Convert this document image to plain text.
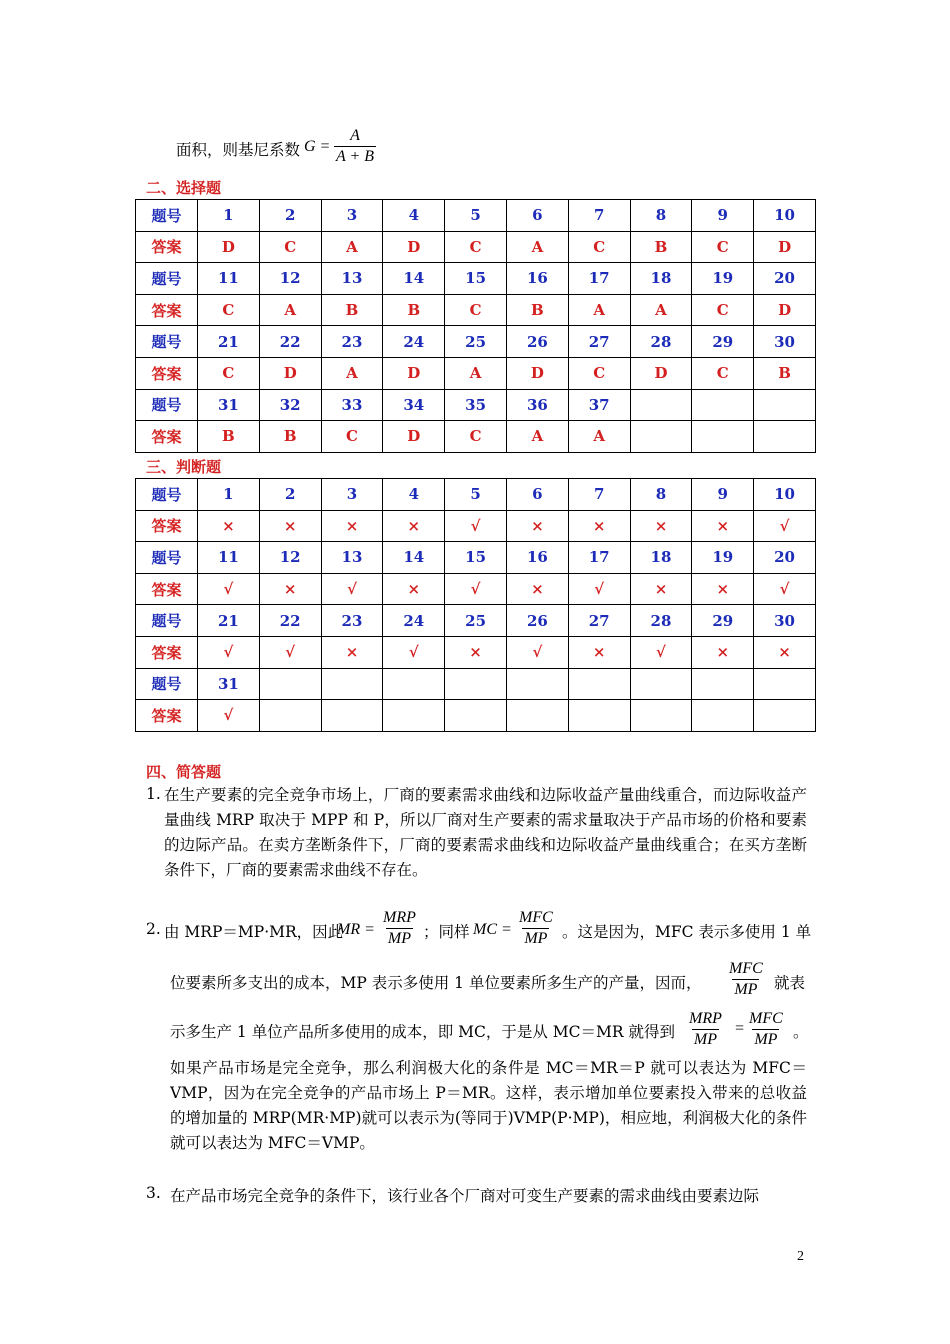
面积，则基尼系数 $G = \frac{A}{A + B}$
二、选择题
题号	1	2	3	4	5	6	7	8	9	10
答案	D	C	A	D	C	A	C	B	C	D
题号	11	12	13	14	15	16	17	18	19	20
答案	C	A	B	B	C	B	A	A	C	D
题号	21	22	23	24	25	26	27	28	29	30
答案	C	D	A	D	A	D	C	D	C	B
题号	31	32	33	34	35	36	37			
答案	B	B	C	D	C	A	A			
三、判断题
题号	1	2	3	4	5	6	7	8	9	10
答案	×	×	×	×	√	×	×	×	×	√
题号	11	12	13	14	15	16	17	18	19	20
答案	√	×	√	×	√	×	√	×	×	√
题号	21	22	23	24	25	26	27	28	29	30
答案	√	√	×	√	×	√	×	√	×	×
题号	31									
答案	√									
四、简答题
1. 在生产要素的完全竞争市场上，厂商的要素需求曲线和边际收益产量曲线重合，而边际收益产量曲线 MRP 取决于 MPP 和 P，所以厂商对生产要素的需求量取决于产品市场的价格和要素的边际产品。在卖方垄断条件下，厂商的要素需求曲线和边际收益产量曲线重合；在买方垄断条件下，厂商的要素需求曲线不存在。
2. 由 MRP＝MP·MR，因此
MR =
MRP
MP ；同样 MC =
MFC
MP 。这是因为，MFC 表示多使用 1 单
位要素所多支出的成本，MP 表示多使用 1 单位要素所多生产的产量，因而，
MFC
MP 就表
示多生产 1 单位产品所多使用的成本，即 MC，于是从 MC＝MR 就得到
MRP
MP
=
MFC
MP 。
如果产品市场是完全竞争，那么利润极大化的条件是 MC＝MR＝P 就可以表达为 MFC＝VMP，因为在完全竞争的产品市场上 P＝MR。这样，表示增加单位要素投入带来的总收益的增加量的 MRP(MR·MP)就可以表示为(等同于)VMP(P·MP)，相应地，利润极大化的条件就可以表达为 MFC＝VMP。
3. 在产品市场完全竞争的条件下，该行业各个厂商对可变生产要素的需求曲线由要素边际
2
